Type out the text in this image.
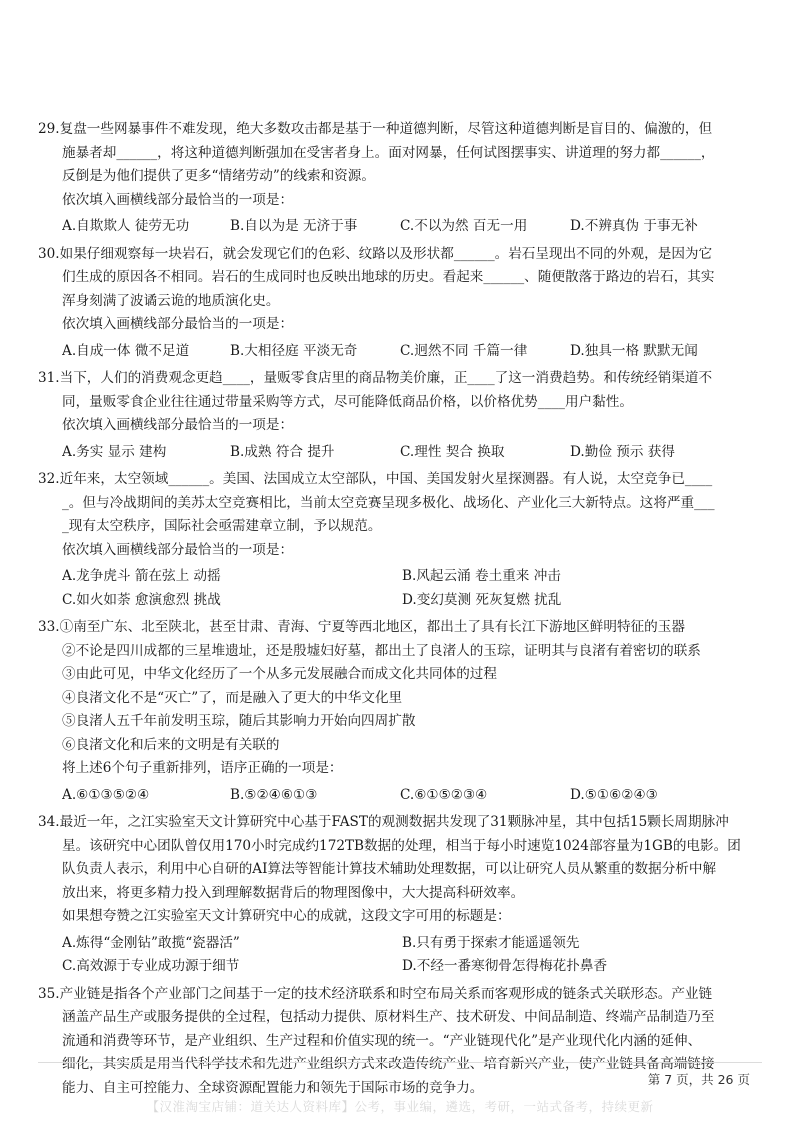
29.复盘一些网暴事件不难发现，绝大多数攻击都是基于一种道德判断，尽管这种道德判断是盲目的、偏激的，但
施暴者却______，将这种道德判断强加在受害者身上。面对网暴，任何试图摆事实、讲道理的努力都______，
反倒是为他们提供了更多“情绪劳动”的线索和资源。
依次填入画横线部分最恰当的一项是：
A.自欺欺人 徒劳无功	B.自以为是 无济于事	C.不以为然 百无一用	D.不辨真伪 于事无补
30.如果仔细观察每一块岩石，就会发现它们的色彩、纹路以及形状都______。岩石呈现出不同的外观，是因为它
们生成的原因各不相同。岩石的生成同时也反映出地球的历史。看起来______、随便散落于路边的岩石，其实
浑身刻满了波谲云诡的地质演化史。
依次填入画横线部分最恰当的一项是：
A.自成一体 微不足道	B.大相径庭 平淡无奇	C.迥然不同 千篇一律	D.独具一格 默默无闻
31.当下，人们的消费观念更趋____，量贩零食店里的商品物美价廉，正____了这一消费趋势。和传统经销渠道不
同，量贩零食企业往往通过带量采购等方式，尽可能降低商品价格，以价格优势____用户黏性。
依次填入画横线部分最恰当的一项是：
A.务实 显示 建构	B.成熟 符合 提升	C.理性 契合 换取	D.勤俭 预示 获得
32.近年来，太空领域______。美国、法国成立太空部队，中国、美国发射火星探测器。有人说，太空竞争已____
_。但与冷战期间的美苏太空竞赛相比，当前太空竞赛呈现多极化、战场化、产业化三大新特点。这将严重___
_现有太空秩序，国际社会亟需建章立制，予以规范。
依次填入画横线部分最恰当的一项是：
A.龙争虎斗 箭在弦上 动摇	B.风起云涌 卷土重来 冲击
C.如火如荼 愈演愈烈 挑战	D.变幻莫测 死灰复燃 扰乱
33.①南至广东、北至陕北，甚至甘肃、青海、宁夏等西北地区，都出土了具有长江下游地区鲜明特征的玉器
②不论是四川成都的三星堆遗址，还是殷墟妇好墓，都出土了良渚人的玉琮，证明其与良渚有着密切的联系
③由此可见，中华文化经历了一个从多元发展融合而成文化共同体的过程
④良渚文化不是“灭亡”了，而是融入了更大的中华文化里
⑤良渚人五千年前发明玉琮，随后其影响力开始向四周扩散
⑥良渚文化和后来的文明是有关联的
将上述6个句子重新排列，语序正确的一项是：
A.⑥①③⑤②④	B.⑤②④⑥①③	C.⑥①⑤②③④	D.⑤①⑥②④③
34.最近一年，之江实验室天文计算研究中心基于FAST的观测数据共发现了31颗脉冲星，其中包括15颗长周期脉冲
星。该研究中心团队曾仅用170小时完成约172TB数据的处理，相当于每小时速览1024部容量为1GB的电影。团
队负责人表示，利用中心自研的AI算法等智能计算技术辅助处理数据，可以让研究人员从繁重的数据分析中解
放出来，将更多精力投入到理解数据背后的物理图像中，大大提高科研效率。
如果想夸赞之江实验室天文计算研究中心的成就，这段文字可用的标题是：
A.炼得“金刚钻”敢揽“瓷器活”	B.只有勇于探索才能遥遥领先
C.高效源于专业成功源于细节	D.不经一番寒彻骨怎得梅花扑鼻香
35.产业链是指各个产业部门之间基于一定的技术经济联系和时空布局关系而客观形成的链条式关联形态。产业链
涵盖产品生产或服务提供的全过程，包括动力提供、原材料生产、技术研发、中间品制造、终端产品制造乃至
流通和消费等环节，是产业组织、生产过程和价值实现的统一。“产业链现代化”是产业现代化内涵的延伸、
细化，其实质是用当代科学技术和先进产业组织方式来改造传统产业、培育新兴产业，使产业链具备高端链接
能力、自主可控能力、全球资源配置能力和领先于国际市场的竞争力。	第 7 页，共 26 页
【汉淮淘宝店铺：道关达人资料库】公考，事业编，遴选，考研，一站式备考，持续更新
